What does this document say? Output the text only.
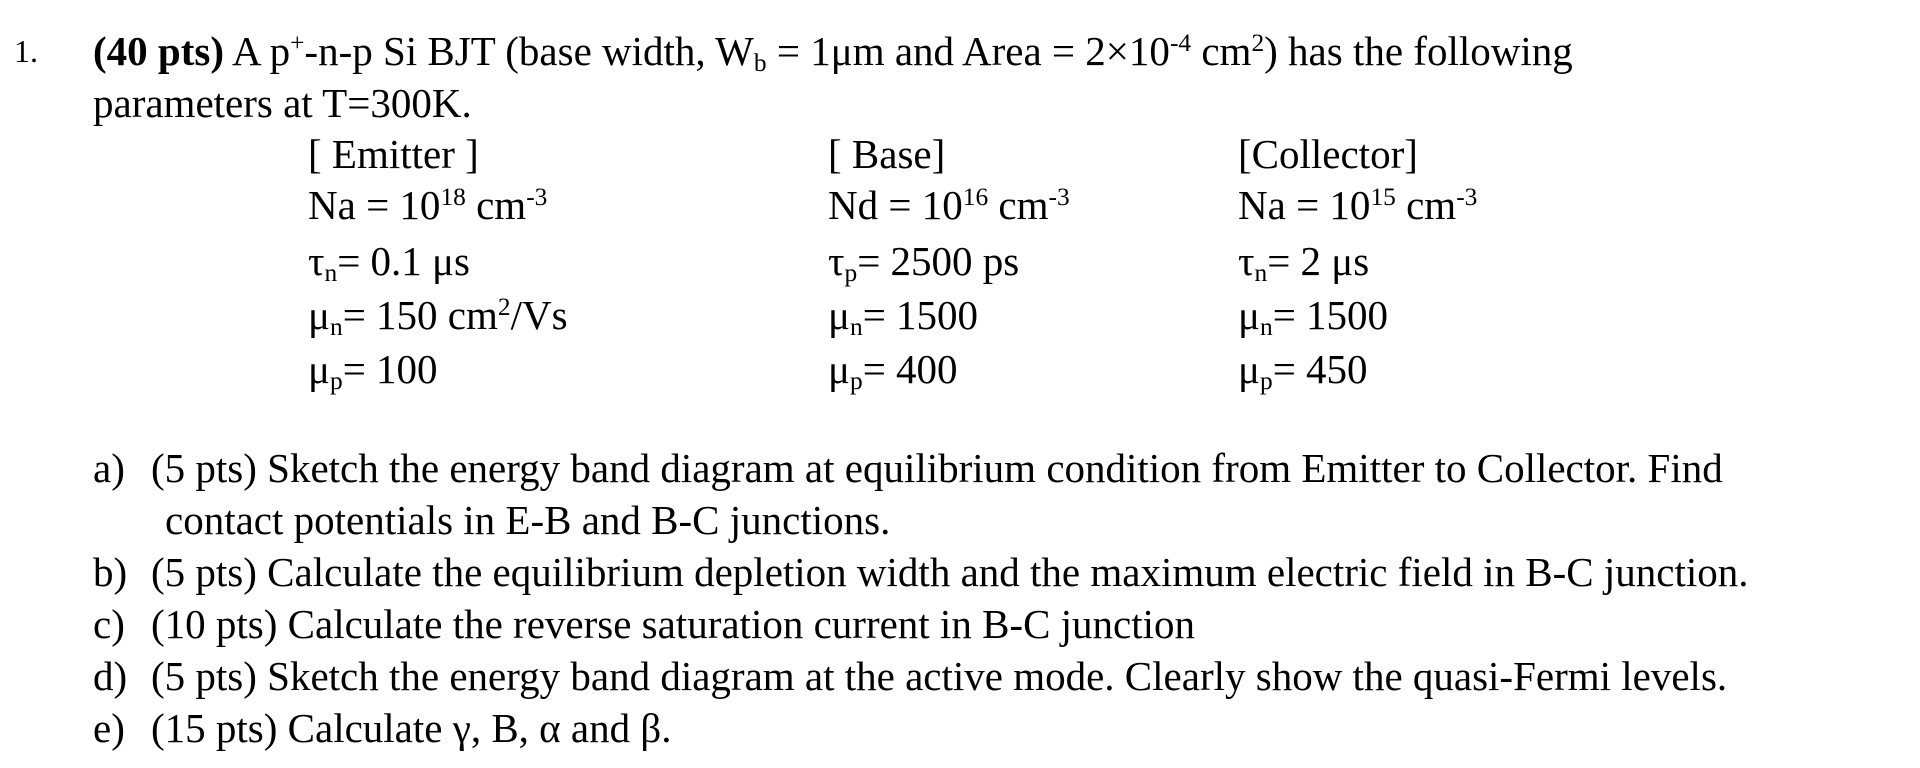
1. (40 pts) A p+-n-p Si BJT (base width, $W_b = 1\mu m$ and Area = $2\times 10^{-4}$ $cm^2$) has the following
parameters at T=300K.
[ Emitter ]
$Na = 10^{18}$ $cm^{-3}$
$\tau_n= 0.1$ μs
$\mu_n= 150$ $cm^2/Vs$
$\mu_p= 100$
[ Base]
$Nd = 10^{16}$ $cm^{-3}$
$\tau_p= 2500$ ps
$\mu_n= 1500$
$\mu_p= 400$
[Collector]
$Na = 10^{15}$ $cm^{-3}$
$\tau_n= 2$ μs
$\mu_n= 1500$
$\mu_p= 450$
a) (5 pts) Sketch the energy band diagram at equilibrium condition from Emitter to Collector. Find
contact potentials in E-B and B-C junctions.
b) (5 pts) Calculate the equilibrium depletion width and the maximum electric field in B-C junction.
c) (10 pts) Calculate the reverse saturation current in B-C junction
d) (5 pts) Sketch the energy band diagram at the active mode. Clearly show the quasi-Fermi levels.
e) (15 pts) Calculate γ, B, α and β.
